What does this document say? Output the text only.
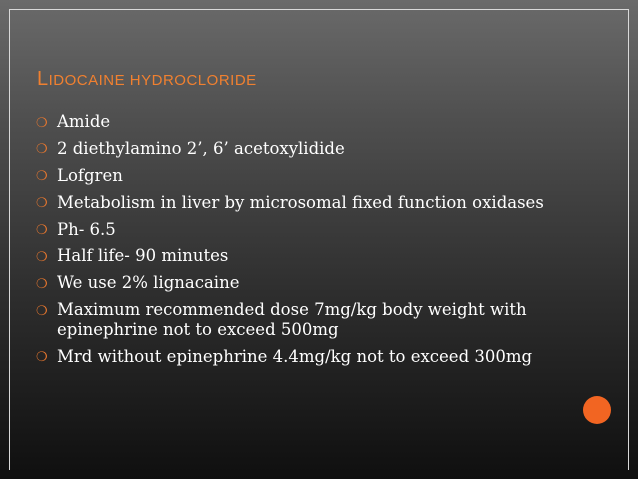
LIDOCAINE HYDROCLORIDE
❍ Amide
❍ 2 diethylamino 2’, 6’ acetoxylidide
❍ Lofgren
❍ Metabolism in liver by microsomal fixed function oxidases
❍ Ph- 6.5
❍ Half life- 90 minutes
❍ We use 2% lignacaine
❍ Maximum recommended dose 7mg/kg body weight with epinephrine not to exceed 500mg
❍ Mrd without epinephrine 4.4mg/kg not to exceed 300mg
